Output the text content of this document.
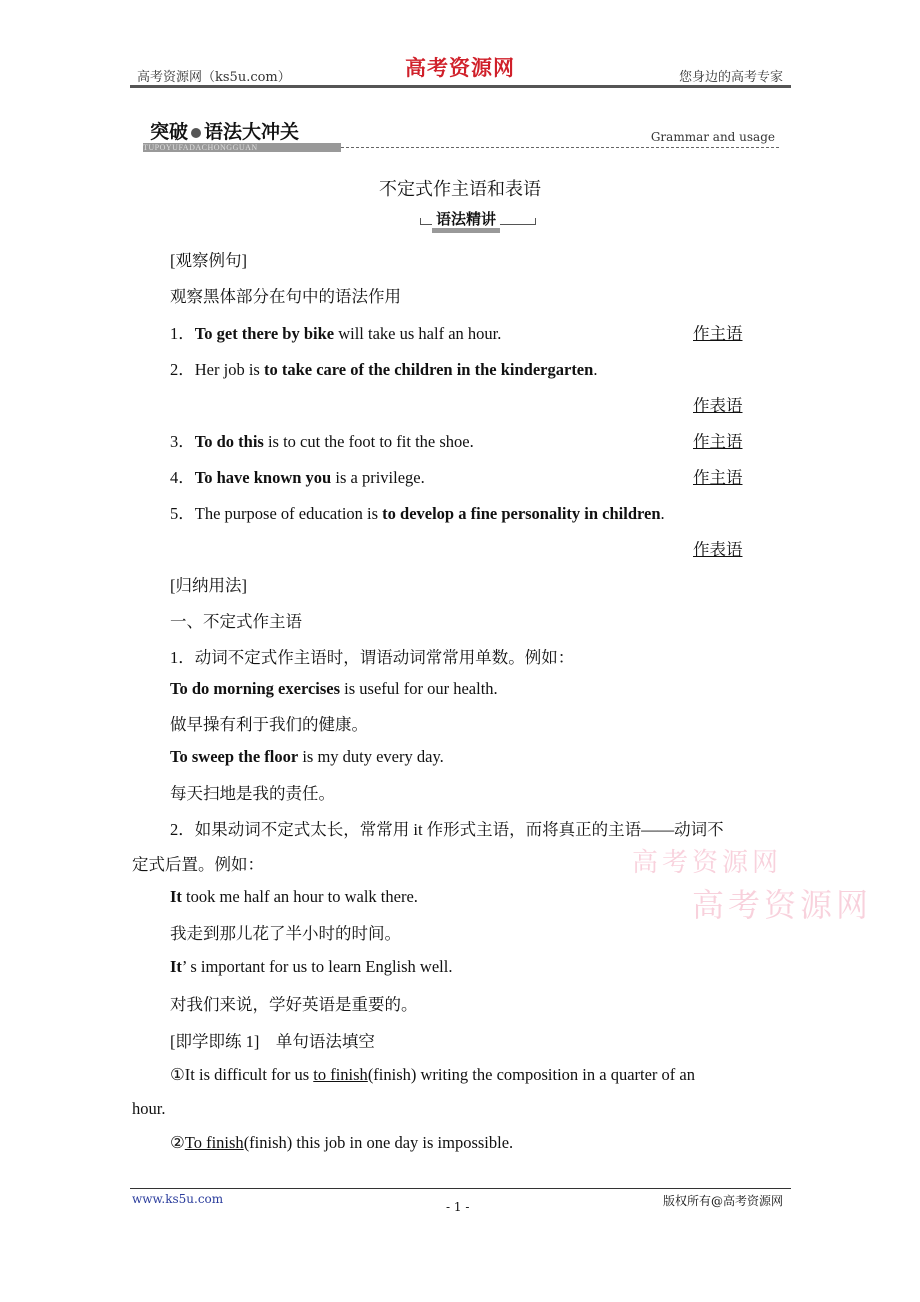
高考资源网（ks5u.com）	高考资源网	您身边的高考专家
突破 语法大冲关
TUPOYUFADACHONGGUAN
Grammar and usage
不定式作主语和表语
语法精讲
[观察例句]
观察黑体部分在句中的语法作用
1．To get there by bike will take us half an hour.	作主语
2．Her job is to take care of the children in the kindergarten.
作表语
3．To do this is to cut the foot to fit the shoe.	作主语
4．To have known you is a privilege.	作主语
5．The purpose of education is to develop a fine personality in children.
作表语
[归纳用法]
一、不定式作主语
1．动词不定式作主语时，谓语动词常常用单数。例如：
To do morning exercises is useful for our health.
做早操有利于我们的健康。
To sweep the floor is my duty every day.
每天扫地是我的责任。
2．如果动词不定式太长，常常用 it 作形式主语，而将真正的主语——动词不
定式后置。例如：
It took me half an hour to walk there.
我走到那儿花了半小时的时间。
It’ s important for us to learn English well.
对我们来说，学好英语是重要的。
[即学即练 1]　单句语法填空
①It is difficult for us to finish(finish) writing the composition in a quarter of an
hour.
②To finish(finish) this job in one day is impossible.
高考资源网
高考资源网
www.ks5u.com
- 1 -	版权所有@高考资源网
